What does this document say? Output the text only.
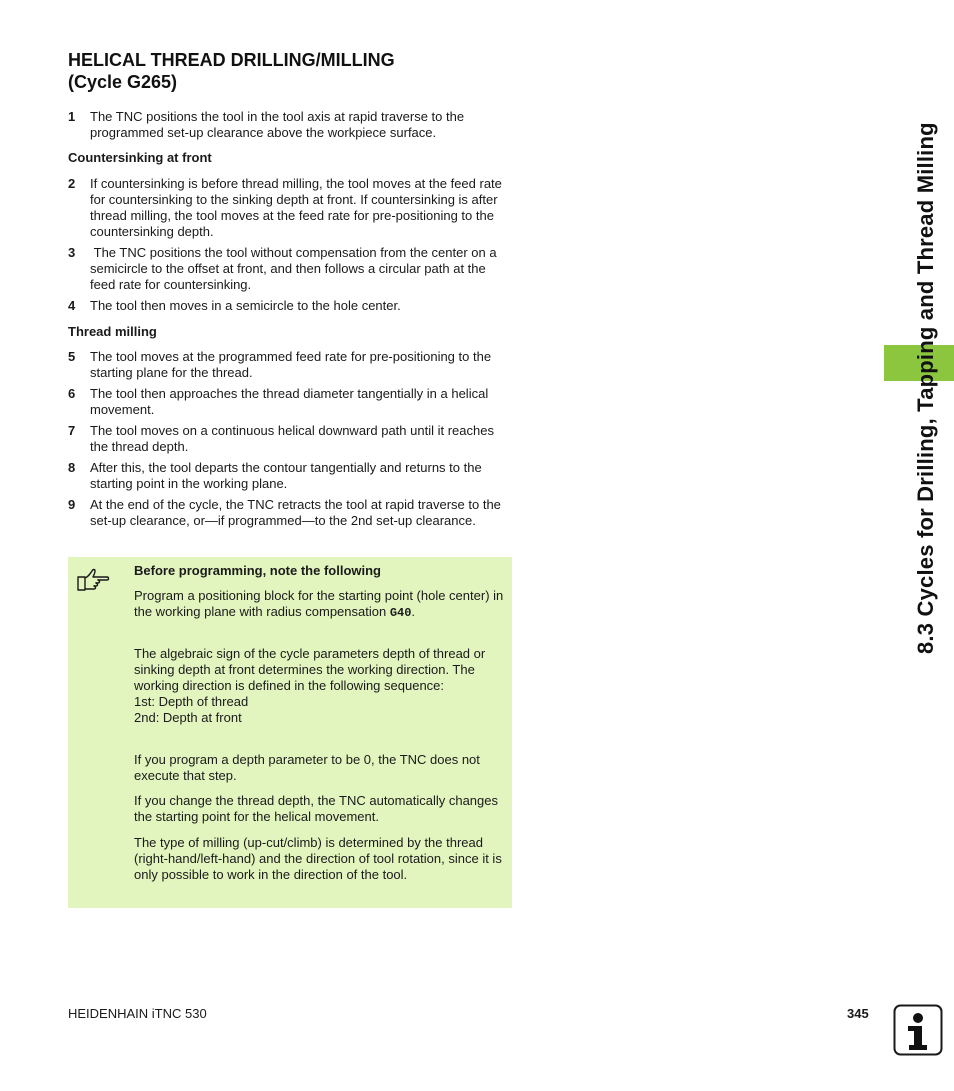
HELICAL THREAD DRILLING/MILLING
(Cycle G265)
1 The TNC positions the tool in the tool axis at rapid traverse to the programmed set-up clearance above the workpiece surface.
Countersinking at front
2 If countersinking is before thread milling, the tool moves at the feed rate for countersinking to the sinking depth at front. If countersinking is after thread milling, the tool moves at the feed rate for pre-positioning to the countersinking depth.
3 The TNC positions the tool without compensation from the center on a semicircle to the offset at front, and then follows a circular path at the feed rate for countersinking.
4 The tool then moves in a semicircle to the hole center.
Thread milling
5 The tool moves at the programmed feed rate for pre-positioning to the starting plane for the thread.
6 The tool then approaches the thread diameter tangentially in a helical movement.
7 The tool moves on a continuous helical downward path until it reaches the thread depth.
8 After this, the tool departs the contour tangentially and returns to the starting point in the working plane.
9 At the end of the cycle, the TNC retracts the tool at rapid traverse to the set-up clearance, or—if programmed—to the 2nd set-up clearance.
Before programming, note the following
Program a positioning block for the starting point (hole center) in the working plane with radius compensation G40.
The algebraic sign of the cycle parameters depth of thread or sinking depth at front determines the working direction. The working direction is defined in the following sequence:
1st: Depth of thread
2nd: Depth at front
If you program a depth parameter to be 0, the TNC does not execute that step.
If you change the thread depth, the TNC automatically changes the starting point for the helical movement.
The type of milling (up-cut/climb) is determined by the thread (right-hand/left-hand) and the direction of tool rotation, since it is only possible to work in the direction of the tool.
8.3 Cycles for Drilling, Tapping and Thread Milling
HEIDENHAIN iTNC 530	345
